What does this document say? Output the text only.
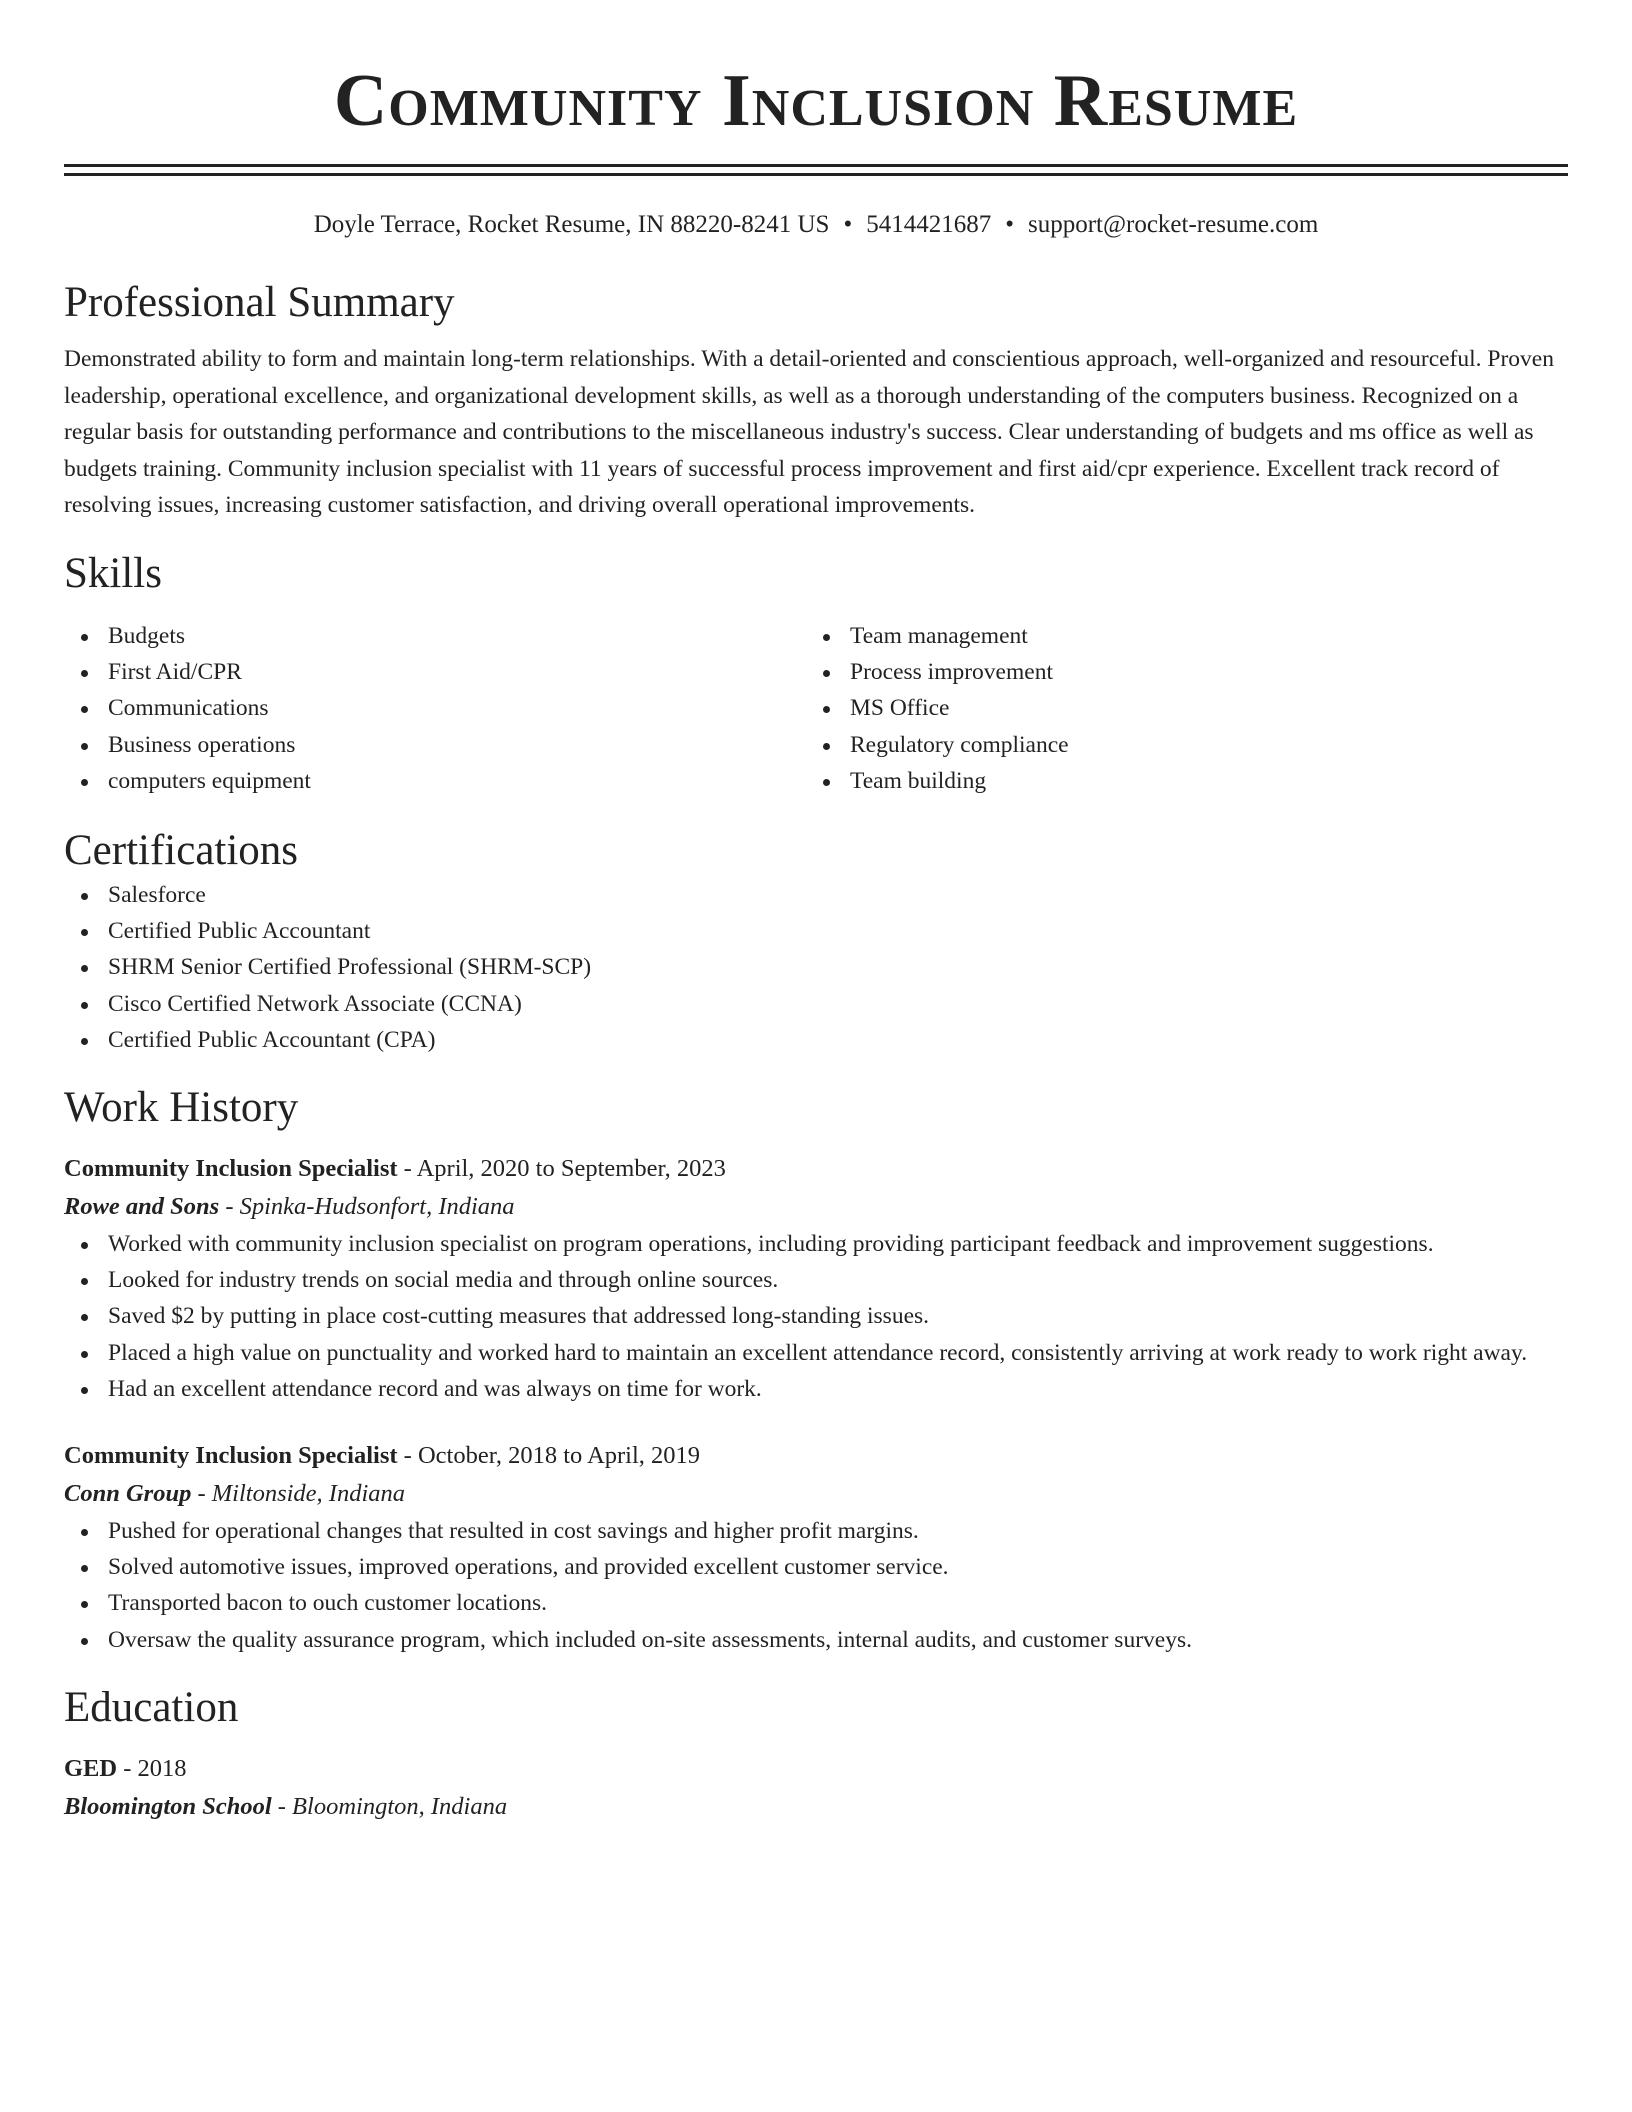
Community Inclusion Resume
Doyle Terrace, Rocket Resume, IN 88220-8241 US • 5414421687 • support@rocket-resume.com
Professional Summary
Demonstrated ability to form and maintain long-term relationships. With a detail-oriented and conscientious approach, well-organized and resourceful. Proven leadership, operational excellence, and organizational development skills, as well as a thorough understanding of the computers business. Recognized on a regular basis for outstanding performance and contributions to the miscellaneous industry's success. Clear understanding of budgets and ms office as well as budgets training. Community inclusion specialist with 11 years of successful process improvement and first aid/cpr experience. Excellent track record of resolving issues, increasing customer satisfaction, and driving overall operational improvements.
Skills
Budgets
First Aid/CPR
Communications
Business operations
computers equipment
Team management
Process improvement
MS Office
Regulatory compliance
Team building
Certifications
Salesforce
Certified Public Accountant
SHRM Senior Certified Professional (SHRM-SCP)
Cisco Certified Network Associate (CCNA)
Certified Public Accountant (CPA)
Work History
Community Inclusion Specialist - April, 2020 to September, 2023
Rowe and Sons - Spinka-Hudsonfort, Indiana
Worked with community inclusion specialist on program operations, including providing participant feedback and improvement suggestions.
Looked for industry trends on social media and through online sources.
Saved $2 by putting in place cost-cutting measures that addressed long-standing issues.
Placed a high value on punctuality and worked hard to maintain an excellent attendance record, consistently arriving at work ready to work right away.
Had an excellent attendance record and was always on time for work.
Community Inclusion Specialist - October, 2018 to April, 2019
Conn Group - Miltonside, Indiana
Pushed for operational changes that resulted in cost savings and higher profit margins.
Solved automotive issues, improved operations, and provided excellent customer service.
Transported bacon to ouch customer locations.
Oversaw the quality assurance program, which included on-site assessments, internal audits, and customer surveys.
Education
GED - 2018
Bloomington School - Bloomington, Indiana
